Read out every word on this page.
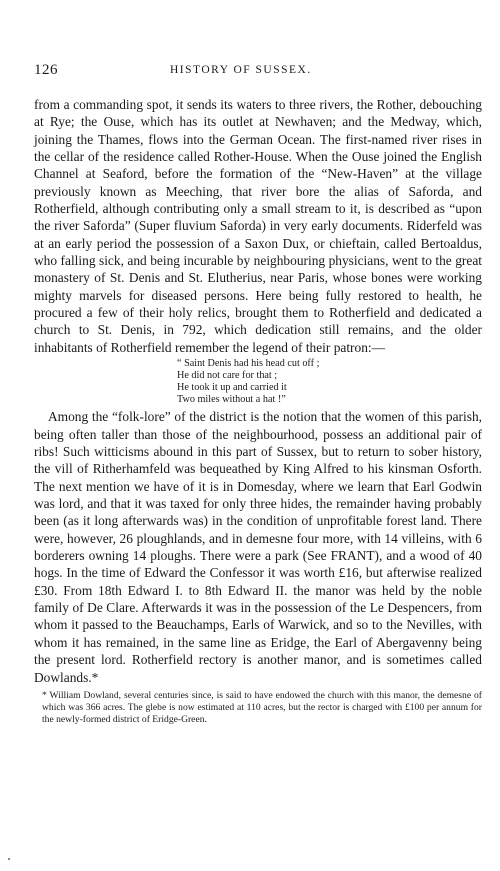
126	HISTORY OF SUSSEX.

from a commanding spot, it sends its waters to three rivers, the Rother, debouching at Rye; the Ouse, which has its outlet at Newhaven; and the Medway, which, joining the Thames, flows into the German Ocean. The first-named river rises in the cellar of the residence called Rother-House. When the Ouse joined the English Channel at Seaford, before the formation of the “New-Haven” at the village previously known as Meeching, that river bore the alias of Saforda, and Rotherfield, although contributing only a small stream to it, is described as “upon the river Saforda” (Super fluvium Saforda) in very early documents. Riderfeld was at an early period the possession of a Saxon Dux, or chieftain, called Bertoaldus, who falling sick, and being incurable by neighbouring physicians, went to the great monastery of St. Denis and St. Elutherius, near Paris, whose bones were working mighty marvels for diseased persons. Here being fully restored to health, he procured a few of their holy relics, brought them to Rotherfield and dedicated a church to St. Denis, in 792, which dedication still remains, and the older inhabitants of Rotherfield remember the legend of their patron:—

“ Saint Denis had his head cut off ;
He did not care for that ;
He took it up and carried it
Two miles without a hat !”

Among the “folk-lore” of the district is the notion that the women of this parish, being often taller than those of the neighbourhood, possess an additional pair of ribs! Such witticisms abound in this part of Sussex, but to return to sober history, the vill of Ritherhamfeld was bequeathed by King Alfred to his kinsman Osforth. The next mention we have of it is in Domesday, where we learn that Earl Godwin was lord, and that it was taxed for only three hides, the remainder having probably been (as it long afterwards was) in the condition of unprofitable forest land. There were, however, 26 ploughlands, and in demesne four more, with 14 villeins, with 6 borderers owning 14 ploughs. There were a park (See FRANT), and a wood of 40 hogs. In the time of Edward the Confessor it was worth £16, but afterwise realized £30. From 18th Edward I. to 8th Edward II. the manor was held by the noble family of De Clare. Afterwards it was in the possession of the Le Despencers, from whom it passed to the Beauchamps, Earls of Warwick, and so to the Nevilles, with whom it has remained, in the same line as Eridge, the Earl of Abergavenny being the present lord. Rotherfield rectory is another manor, and is sometimes called Dowlands.*

* William Dowland, several centuries since, is said to have endowed the church with this manor, the demesne of which was 366 acres. The glebe is now estimated at 110 acres, but the rector is charged with £100 per annum for the newly-formed district of Eridge-Green.
